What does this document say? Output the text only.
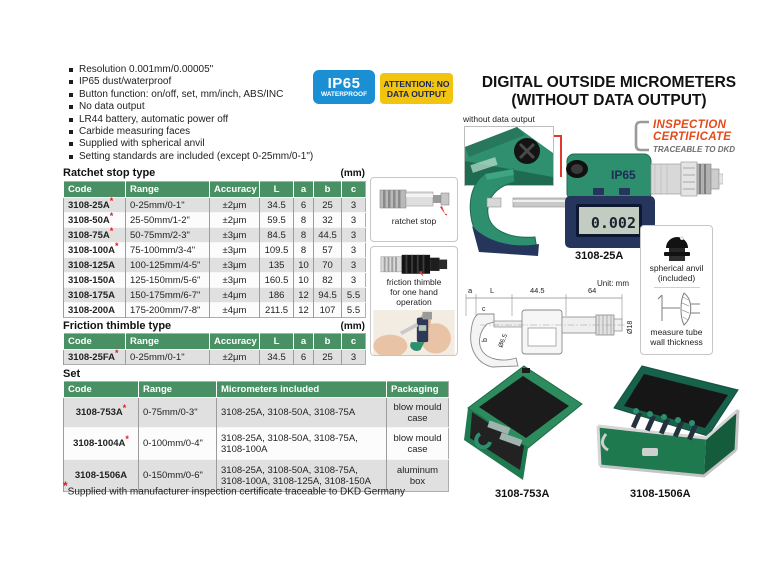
Resolution 0.001mm/0.00005"
IP65 dust/waterproof
Button function: on/off, set, mm/inch, ABS/INC
No data output
LR44 battery, automatic power off
Carbide measuring faces
Supplied with spherical anvil
Setting standards are included (except 0-25mm/0-1")
IP65
WATERPROOF
ATTENTION: NO
DATA OUTPUT
DIGITAL OUTSIDE MICROMETERS
(WITHOUT DATA OUTPUT)
Ratchet stop type	(mm)
Code	Range	Accuracy	L	a	b	c
3108-25A*	0-25mm/0-1"	±2μm	34.5	6	25	3
3108-50A*	25-50mm/1-2"	±2μm	59.5	8	32	3
3108-75A*	50-75mm/2-3"	±3μm	84.5	8	44.5	3
3108-100A*	75-100mm/3-4"	±3μm	109.5	8	57	3
3108-125A	100-125mm/4-5"	±3μm	135	10	70	3
3108-150A	125-150mm/5-6"	±3μm	160.5	10	82	3
3108-175A	150-175mm/6-7"	±4μm	186	12	94.5	5.5
3108-200A	175-200mm/7-8"	±4μm	211.5	12	107	5.5
Friction thimble type	(mm)
Code	Range	Accuracy	L	a	b	c
3108-25FA*	0-25mm/0-1"	±2μm	34.5	6	25	3
Set
Code	Range	Micrometers included	Packaging
3108-753A*	0-75mm/0-3"	3108-25A, 3108-50A, 3108-75A	blow mould case
3108-1004A*	0-100mm/0-4"	3108-25A, 3108-50A, 3108-75A, 3108-100A	blow mould case
3108-1506A	0-150mm/0-6"	3108-25A, 3108-50A, 3108-75A, 3108-100A, 3108-125A, 3108-150A	aluminum box
*Supplied with manufacturer inspection certificate traceable to DKD Germany
ratchet stop
friction thimble
for one hand
operation
without data output	INSPECTION
CERTIFICATE
TRACEABLE TO DKD
IP65
0.002
3108-25A
spherical anvil
(included)
measure tube
wall thickness
Unit: mm
a L	44.5	64
Ø18
c
b Ø6.5
3108-753A	3108-1506A
